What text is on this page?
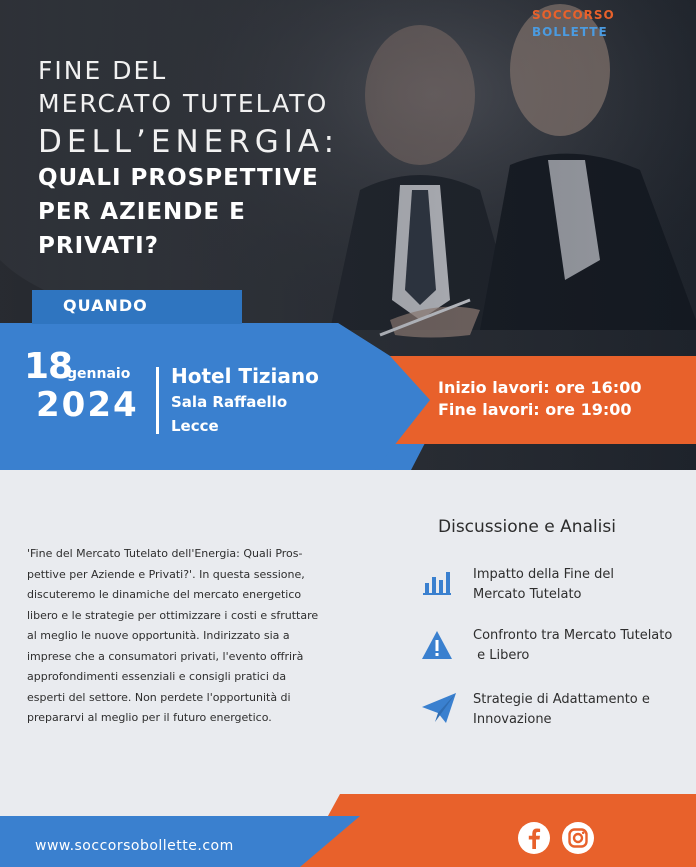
SOCCORSO
BOLLETTE
FINE DEL
MERCATO TUTELATO
DELL’ENERGIA:
QUALI PROSPETTIVE
PER AZIENDE E
PRIVATI?
QUANDO
18
gennaio
2024
Hotel Tiziano
Sala Raffaello
Lecce
Inizio lavori: ore 16:00
Fine lavori: ore 19:00
'Fine del Mercato Tutelato dell'Energia: Quali Pros-
pettive per Aziende e Privati?'. In questa sessione,
discuteremo le dinamiche del mercato energetico
libero e le strategie per ottimizzare i costi e sfruttare
al meglio le nuove opportunità. Indirizzato sia a
imprese che a consumatori privati, l'evento offrirà
approfondimenti essenziali e consigli pratici da
esperti del settore. Non perdete l'opportunità di
prepararvi al meglio per il futuro energetico.
Discussione e Analisi
Impatto della Fine del
Mercato Tutelato
Confronto tra Mercato Tutelato
e Libero
Strategie di Adattamento e
Innovazione
www.soccorsobollette.com
